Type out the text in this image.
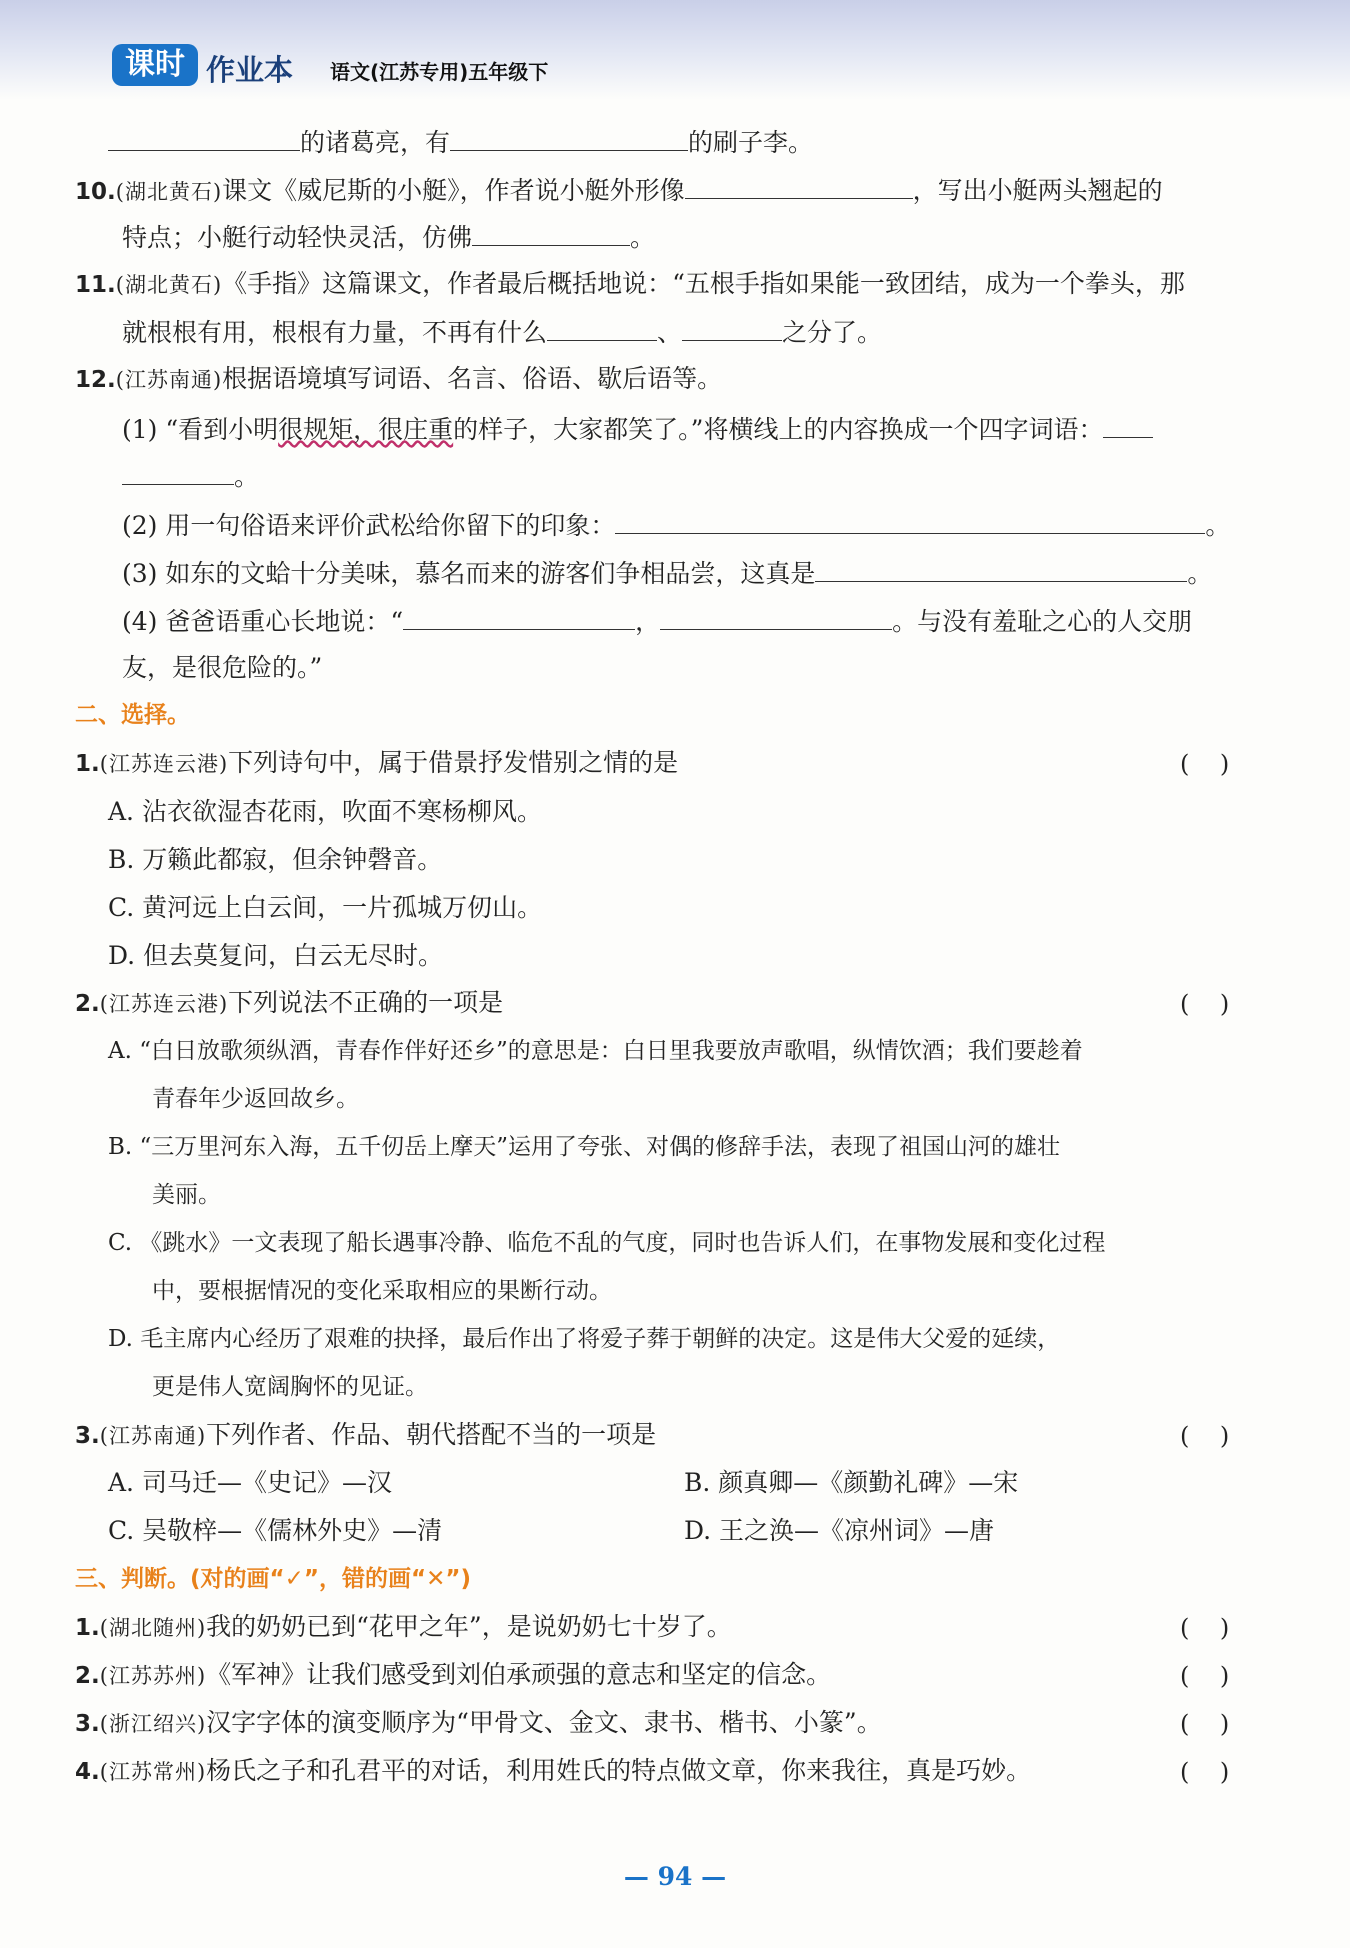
课时 作业本 语文(江苏专用)五年级下
的诸葛亮，有	的刷子李。
10.(湖北黄石)课文《威尼斯的小艇》，作者说小艇外形像	，写出小艇两头翘起的
特点；小艇行动轻快灵活，仿佛	。
11.(湖北黄石)《手指》这篇课文，作者最后概括地说：“五根手指如果能一致团结，成为一个拳头，那
就根根有用，根根有力量，不再有什么	、	之分了。
12.(江苏南通)根据语境填写词语、名言、俗语、歇后语等。
(1) “看到小明很规矩，很庄重的样子，大家都笑了。”将横线上的内容换成一个四字词语：
。
(2) 用一句俗语来评价武松给你留下的印象：	。
(3) 如东的文蛤十分美味，慕名而来的游客们争相品尝，这真是	。
(4) 爸爸语重心长地说：“	，	。与没有羞耻之心的人交朋
友，是很危险的。”
二、选择。
1.(江苏连云港)下列诗句中，属于借景抒发惜别之情的是	(    )
A. 沾衣欲湿杏花雨，吹面不寒杨柳风。
B. 万籁此都寂，但余钟磬音。
C. 黄河远上白云间，一片孤城万仞山。
D. 但去莫复问，白云无尽时。
2.(江苏连云港)下列说法不正确的一项是	(    )
A. “白日放歌须纵酒，青春作伴好还乡”的意思是：白日里我要放声歌唱，纵情饮酒；我们要趁着
青春年少返回故乡。
B. “三万里河东入海，五千仞岳上摩天”运用了夸张、对偶的修辞手法，表现了祖国山河的雄壮
美丽。
C. 《跳水》一文表现了船长遇事冷静、临危不乱的气度，同时也告诉人们，在事物发展和变化过程
中，要根据情况的变化采取相应的果断行动。
D. 毛主席内心经历了艰难的抉择，最后作出了将爱子葬于朝鲜的决定。这是伟大父爱的延续，
更是伟人宽阔胸怀的见证。
3.(江苏南通)下列作者、作品、朝代搭配不当的一项是	(    )
A. 司马迁—《史记》—汉	B. 颜真卿—《颜勤礼碑》—宋
C. 吴敬梓—《儒林外史》—清	D. 王之涣—《凉州词》—唐
三、判断。(对的画“✓”，错的画“✕”)
1.(湖北随州)我的奶奶已到“花甲之年”，是说奶奶七十岁了。	(    )
2.(江苏苏州)《军神》让我们感受到刘伯承顽强的意志和坚定的信念。	(    )
3.(浙江绍兴)汉字字体的演变顺序为“甲骨文、金文、隶书、楷书、小篆”。	(    )
4.(江苏常州)杨氏之子和孔君平的对话，利用姓氏的特点做文章，你来我往，真是巧妙。	(    )
— 94 —
